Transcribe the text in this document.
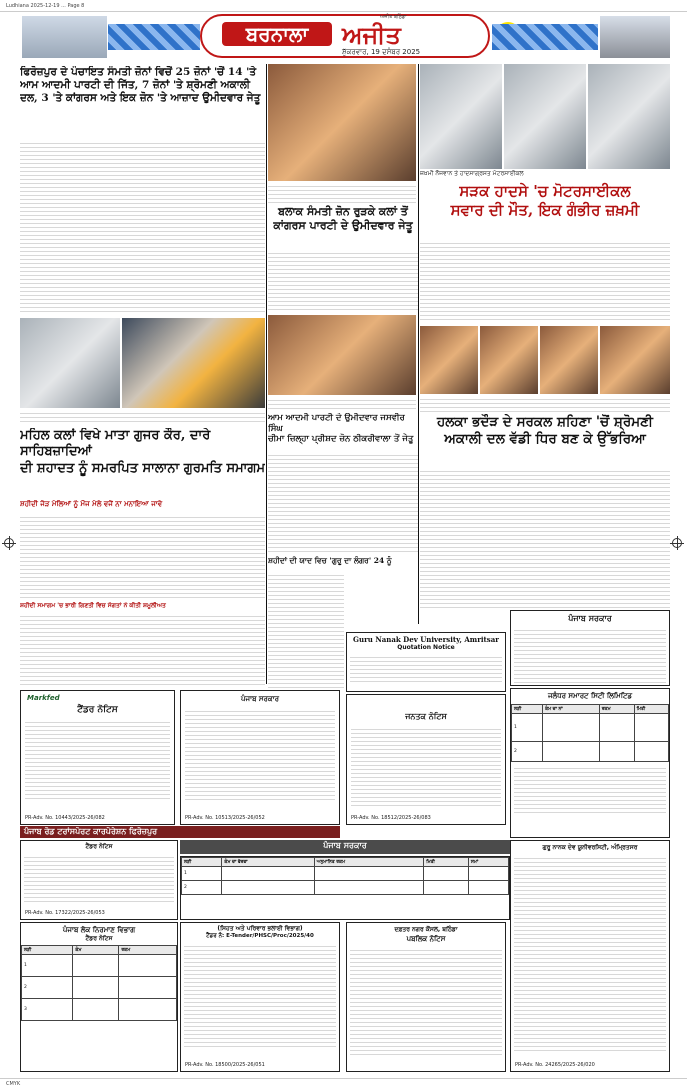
Ludhiana 2025-12-19 ... Page 8
ਬਰਨਾਲਾ
ਅਜੀਤ ਬਠਿੰਡਾ
ਅਜੀਤ
ਸ਼ੁੱਕਰਵਾਰ, 19 ਦਸੰਬਰ 2025
ਫਿਰੋਜ਼ਪੁਰ ਦੇ ਪੰਚਾਇਤ ਸੰਮਤੀ ਜ਼ੋਨਾਂ ਵਿਚੋਂ 25 ਜ਼ੋਨਾਂ 'ਚੋਂ 14 'ਤੇ ਆਮ ਆਦਮੀ ਪਾਰਟੀ ਦੀ ਜਿੱਤ, 7 ਜ਼ੋਨਾਂ 'ਤੇ ਸ਼੍ਰੋਮਣੀ ਅਕਾਲੀ ਦਲ, 3 'ਤੇ ਕਾਂਗਰਸ ਅਤੇ ਇਕ ਜ਼ੋਨ 'ਤੇ ਆਜ਼ਾਦ ਉਮੀਦਵਾਰ ਜੇਤੂ
ਮਹਿਲ ਕਲਾਂ ਵਿਖੇ ਮਾਤਾ ਗੁਜਰ ਕੌਰ, ਦਾਰੇ ਸਾਹਿਬਜ਼ਾਦਿਆਂ
ਦੀ ਸ਼ਹਾਦਤ ਨੂੰ ਸਮਰਪਿਤ ਸਾਲਾਨਾ ਗੁਰਮਤਿ ਸਮਾਗਮ
ਸ਼ਹੀਦੀ ਜੋੜ ਮੇਲਿਆਂ ਨੂੰ ਮੌਜ ਮੇਲੇ ਵਜੋਂ ਨਾ ਮਨਾਇਆ ਜਾਵੇ
ਸ਼ਹੀਦੀ ਸਮਾਗਮ 'ਚ ਭਾਰੀ ਗਿਣਤੀ ਵਿਚ ਸੰਗਤਾਂ ਨੇ ਕੀਤੀ ਸ਼ਮੂਲੀਅਤ
Markfed
ਟੈਂਡਰ ਨੋਟਿਸ
PR-Adv. No. 10443/2025-26/082
ਬਲਾਕ ਸੰਮਤੀ ਜ਼ੋਨ ਰੁੜਕੇ ਕਲਾਂ ਤੋਂ
ਕਾਂਗਰਸ ਪਾਰਟੀ ਦੇ ਉਮੀਦਵਾਰ ਜੇਤੂ
ਆਮ ਆਦਮੀ ਪਾਰਟੀ ਦੇ ਉਮੀਦਵਾਰ ਜਸਵੀਰ ਸਿੰਘ
ਚੀਮਾ ਜ਼ਿਲ੍ਹਾ ਪ੍ਰੀਸ਼ਦ ਜ਼ੋਨ ਠੀਕਰੀਵਾਲਾ ਤੋਂ ਜੇਤੂ
ਸ਼ਹੀਦਾਂ ਦੀ ਯਾਦ ਵਿਚ 'ਗੁਰੂ ਦਾ ਲੰਗਰ' 24 ਨੂੰ
ਪੰਜਾਬ ਸਰਕਾਰ
PR-Adv. No. 10513/2025-26/052
Guru Nanak Dev University, Amritsar
Quotation Notice
ਜਨਤਕ ਨੋਟਿਸ
PR-Adv. No. 18512/2025-26/083
ਜ਼ਖ਼ਮੀ ਨੌਜਵਾਨ ਤੇ ਹਾਦਸਾਗ੍ਰਸਤ ਮੋਟਰਸਾਈਕਲ
ਸੜਕ ਹਾਦਸੇ 'ਚ ਮੋਟਰਸਾਈਕਲ
ਸਵਾਰ ਦੀ ਮੌਤ, ਇਕ ਗੰਭੀਰ ਜ਼ਖ਼ਮੀ
ਹਲਕਾ ਭਦੌੜ ਦੇ ਸਰਕਲ ਸ਼ਹਿਣਾ 'ਚੋਂ ਸ਼੍ਰੋਮਣੀ
ਅਕਾਲੀ ਦਲ ਵੱਡੀ ਧਿਰ ਬਣ ਕੇ ਉੱਭਰਿਆ
ਪੰਜਾਬ ਸਰਕਾਰ
ਜਲੰਧਰ ਸਮਾਰਟ ਸਿਟੀ ਲਿਮਿਟਿਡ
ਲੜੀ	ਕੰਮ ਦਾ ਨਾਂ	ਰਕਮ	ਮਿਤੀ
1			
2			
ਪੰਜਾਬ ਰੋਡ ਟਰਾਂਸਪੋਰਟ ਕਾਰਪੋਰੇਸ਼ਨ ਫਿਰੋਜ਼ਪੁਰ
ਪੰਜਾਬ ਸਰਕਾਰ
ਟੈਂਡਰ ਨੋਟਿਸ
PR-Adv. No. 17322/2025-26/053
ਲੜੀ	ਕੰਮ ਦਾ ਵੇਰਵਾ	ਅਨੁਮਾਨਿਤ ਰਕਮ	ਮਿਤੀ	ਸਮਾਂ
1				
2				
ਪੰਜਾਬ ਲੋਕ ਨਿਰਮਾਣ ਵਿਭਾਗ
ਟੈਂਡਰ ਨੋਟਿਸ
ਲੜੀ	ਕੰਮ	ਰਕਮ
1		
2		
3		
(ਸਿਹਤ ਅਤੇ ਪਰਿਵਾਰ ਭਲਾਈ ਵਿਭਾਗ)
ਟੈਂਡਰ ਨੰ: E-Tender/PHSC/Proc/2025/40
PR-Adv. No. 18500/2025-26/051
ਦਫ਼ਤਰ ਨਗਰ ਕੌਂਸਲ, ਬਠਿੰਡਾ
ਪਬਲਿਕ ਨੋਟਿਸ
ਗੁਰੂ ਨਾਨਕ ਦੇਵ ਯੂਨੀਵਰਸਿਟੀ, ਅੰਮ੍ਰਿਤਸਰ
PR-Adv. No. 24265/2025-26/020
CMYK
